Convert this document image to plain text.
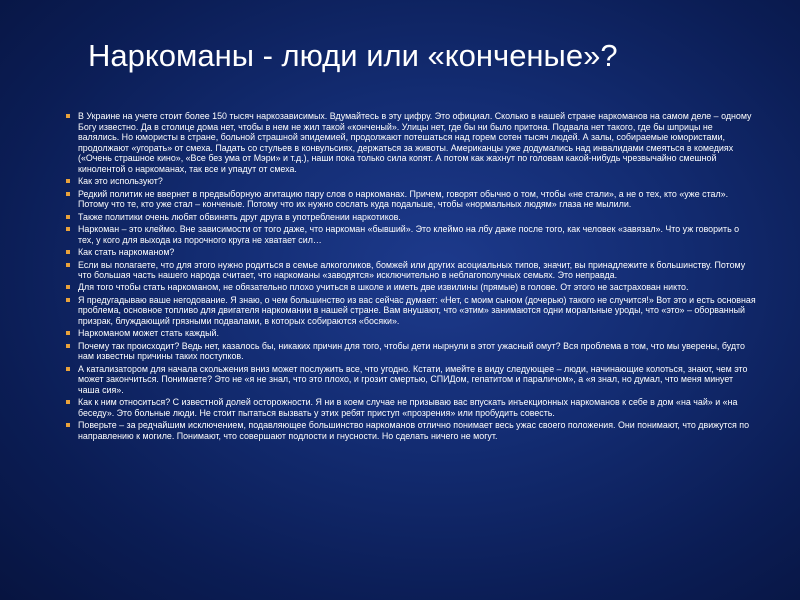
Наркоманы - люди или «конченые»?
В Украине на учете стоит более 150 тысяч наркозависимых. Вдумайтесь в эту цифру. Это официал. Сколько в нашей стране наркоманов на самом деле – одному Богу известно. Да в столице дома нет, чтобы в нем не жил такой «конченый». Улицы нет, где бы ни было притона. Подвала нет такого, где бы шприцы не валялись. Но юмористы в стране, больной страшной эпидемией, продолжают потешаться над горем сотен тысяч людей. А залы, собираемые юмористами, продолжают «угорать» от смеха. Падать со стульев в конвульсиях, держаться за животы. Американцы уже додумались над инвалидами смеяться в комедиях («Очень страшное кино», «Все без ума от Мэри» и т.д.), наши пока только сила копят. А потом как жахнут по головам какой-нибудь чрезвычайно смешной кинолентой о наркоманах, так все и упадут от смеха.
Как это используют?
Редкий политик не ввернет в предвыборную агитацию пару слов о наркоманах. Причем, говорят обычно о том, чтобы «не стали», а не о тех, кто «уже стал». Потому что те, кто уже стал – конченые. Потому что их нужно сослать куда подальше, чтобы «нормальных людям» глаза не мылили.
Также политики очень любят обвинять друг друга в употреблении наркотиков.
Наркоман – это клеймо. Вне зависимости от того даже, что наркоман «бывший». Это клеймо на лбу даже после того, как человек «завязал». Что уж говорить о тех, у кого для выхода из порочного круга не хватает сил…
Как стать наркоманом?
Если вы полагаете, что для этого нужно родиться в семье алкоголиков, бомжей или других асоциальных типов, значит, вы принадлежите к большинству. Потому что большая часть нашего народа считает, что наркоманы «заводятся» исключительно в неблагополучных семьях. Это неправда.
Для того чтобы стать наркоманом, не обязательно плохо учиться в школе и иметь две извилины (прямые) в голове. От этого не застрахован никто.
Я предугадываю ваше негодование. Я знаю, о чем большинство из вас сейчас думает: «Нет, с моим сыном (дочерью) такого не случится!» Вот это и есть основная проблема, основное топливо для двигателя наркомании в нашей стране. Вам внушают, что «этим» занимаются одни моральные уроды, что «это» – оборванный призрак, блуждающий грязными подвалами, в которых собираются «босяки».
Наркоманом может стать каждый.
Почему так происходит? Ведь нет, казалось бы, никаких причин для того, чтобы дети нырнули в этот ужасный омут? Вся проблема в том, что мы уверены, будто нам известны причины таких поступков.
А катализатором для начала скольжения вниз может послужить все, что угодно. Кстати, имейте в виду следующее – люди, начинающие колоться, знают, чем это может закончиться. Понимаете? Это не «я не знал, что это плохо, и грозит смертью, СПИДом, гепатитом и параличом», а «я знал, но думал, что меня минует чаша сия».
Как к ним относиться? С известной долей осторожности. Я ни в коем случае не призываю вас впускать инъекционных наркоманов к себе в дом «на чай» и «на беседу». Это больные люди. Не стоит пытаться вызвать у этих ребят приступ «прозрения» или пробудить совесть.
Поверьте – за редчайшим исключением, подавляющее большинство наркоманов отлично понимает весь ужас своего положения. Они понимают, что движутся по направлению к могиле. Понимают, что совершают подлости и гнусности. Но сделать ничего не могут.
